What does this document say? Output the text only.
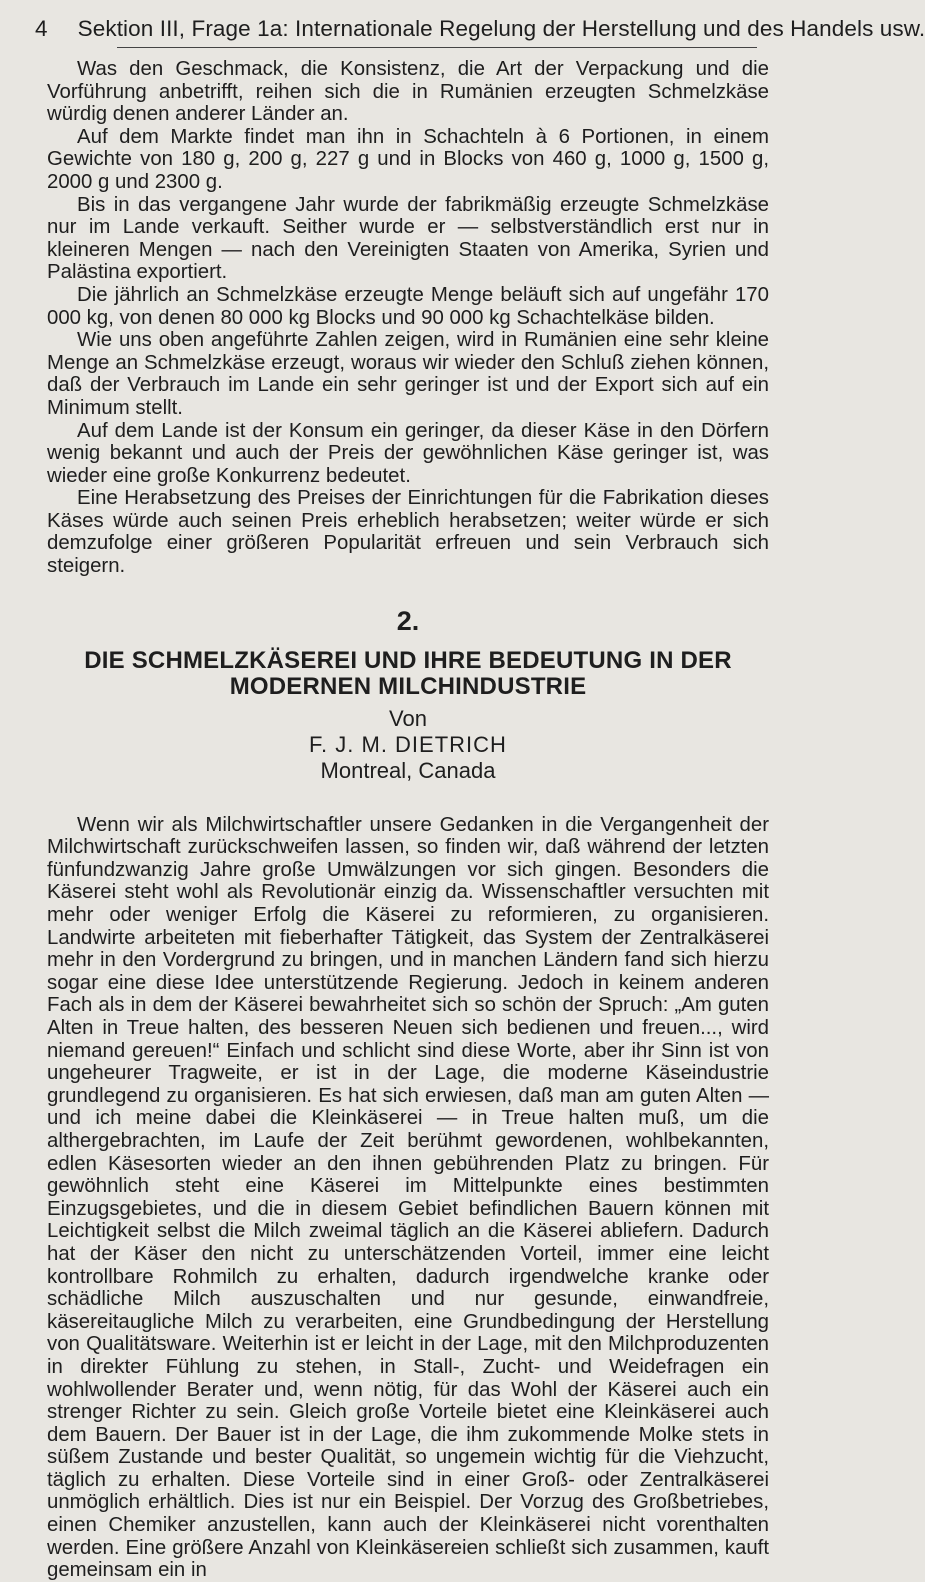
4 Sektion III, Frage 1a: Internationale Regelung der Herstellung und des Handels usw.

Was den Geschmack, die Konsistenz, die Art der Verpackung und die Vorführung anbetrifft, reihen sich die in Rumänien erzeugten Schmelzkäse würdig denen anderer Länder an.

Auf dem Markte findet man ihn in Schachteln à 6 Portionen, in einem Gewichte von 180 g, 200 g, 227 g und in Blocks von 460 g, 1000 g, 1500 g, 2000 g und 2300 g.

Bis in das vergangene Jahr wurde der fabrikmäßig erzeugte Schmelzkäse nur im Lande verkauft. Seither wurde er — selbstverständlich erst nur in kleineren Mengen — nach den Vereinigten Staaten von Amerika, Syrien und Palästina exportiert.

Die jährlich an Schmelzkäse erzeugte Menge beläuft sich auf ungefähr 170 000 kg, von denen 80 000 kg Blocks und 90 000 kg Schachtelkäse bilden.

Wie uns oben angeführte Zahlen zeigen, wird in Rumänien eine sehr kleine Menge an Schmelzkäse erzeugt, woraus wir wieder den Schluß ziehen können, daß der Verbrauch im Lande ein sehr geringer ist und der Export sich auf ein Minimum stellt.

Auf dem Lande ist der Konsum ein geringer, da dieser Käse in den Dörfern wenig bekannt und auch der Preis der gewöhnlichen Käse geringer ist, was wieder eine große Konkurrenz bedeutet.

Eine Herabsetzung des Preises der Einrichtungen für die Fabrikation dieses Käses würde auch seinen Preis erheblich herabsetzen; weiter würde er sich demzufolge einer größeren Popularität erfreuen und sein Verbrauch sich steigern.

2.
DIE SCHMELZKÄSEREI UND IHRE BEDEUTUNG IN DER MODERNEN MILCHINDUSTRIE
Von
F. J. M. DIETRICH
Montreal, Canada

Wenn wir als Milchwirtschaftler unsere Gedanken in die Vergangenheit der Milchwirtschaft zurückschweifen lassen, so finden wir, daß während der letzten fünfundzwanzig Jahre große Umwälzungen vor sich gingen. Besonders die Käserei steht wohl als Revolutionär einzig da. Wissenschaftler versuchten mit mehr oder weniger Erfolg die Käserei zu reformieren, zu organisieren. Landwirte arbeiteten mit fieberhafter Tätigkeit, das System der Zentralkäserei mehr in den Vordergrund zu bringen, und in manchen Ländern fand sich hierzu sogar eine diese Idee unterstützende Regierung. Jedoch in keinem anderen Fach als in dem der Käserei bewahrheitet sich so schön der Spruch: „Am guten Alten in Treue halten, des besseren Neuen sich bedienen und freuen..., wird niemand gereuen!“ Einfach und schlicht sind diese Worte, aber ihr Sinn ist von ungeheurer Tragweite, er ist in der Lage, die moderne Käseindustrie grundlegend zu organisieren. Es hat sich erwiesen, daß man am guten Alten — und ich meine dabei die Kleinkäserei — in Treue halten muß, um die althergebrachten, im Laufe der Zeit berühmt gewordenen, wohlbekannten, edlen Käsesorten wieder an den ihnen gebührenden Platz zu bringen. Für gewöhnlich steht eine Käserei im Mittelpunkte eines bestimmten Einzugsgebietes, und die in diesem Gebiet befindlichen Bauern können mit Leichtigkeit selbst die Milch zweimal täglich an die Käserei abliefern. Dadurch hat der Käser den nicht zu unterschätzenden Vorteil, immer eine leicht kontrollbare Rohmilch zu erhalten, dadurch irgendwelche kranke oder schädliche Milch auszuschalten und nur gesunde, einwandfreie, käsereitaugliche Milch zu verarbeiten, eine Grundbedingung der Herstellung von Qualitätsware. Weiterhin ist er leicht in der Lage, mit den Milchproduzenten in direkter Fühlung zu stehen, in Stall-, Zucht- und Weidefragen ein wohlwollender Berater und, wenn nötig, für das Wohl der Käserei auch ein strenger Richter zu sein. Gleich große Vorteile bietet eine Kleinkäserei auch dem Bauern. Der Bauer ist in der Lage, die ihm zukommende Molke stets in süßem Zustande und bester Qualität, so ungemein wichtig für die Viehzucht, täglich zu erhalten. Diese Vorteile sind in einer Groß- oder Zentralkäserei unmöglich erhältlich. Dies ist nur ein Beispiel. Der Vorzug des Großbetriebes, einen Chemiker anzustellen, kann auch der Kleinkäserei nicht vorenthalten werden. Eine größere Anzahl von Kleinkäsereien schließt sich zusammen, kauft gemeinsam ein in
